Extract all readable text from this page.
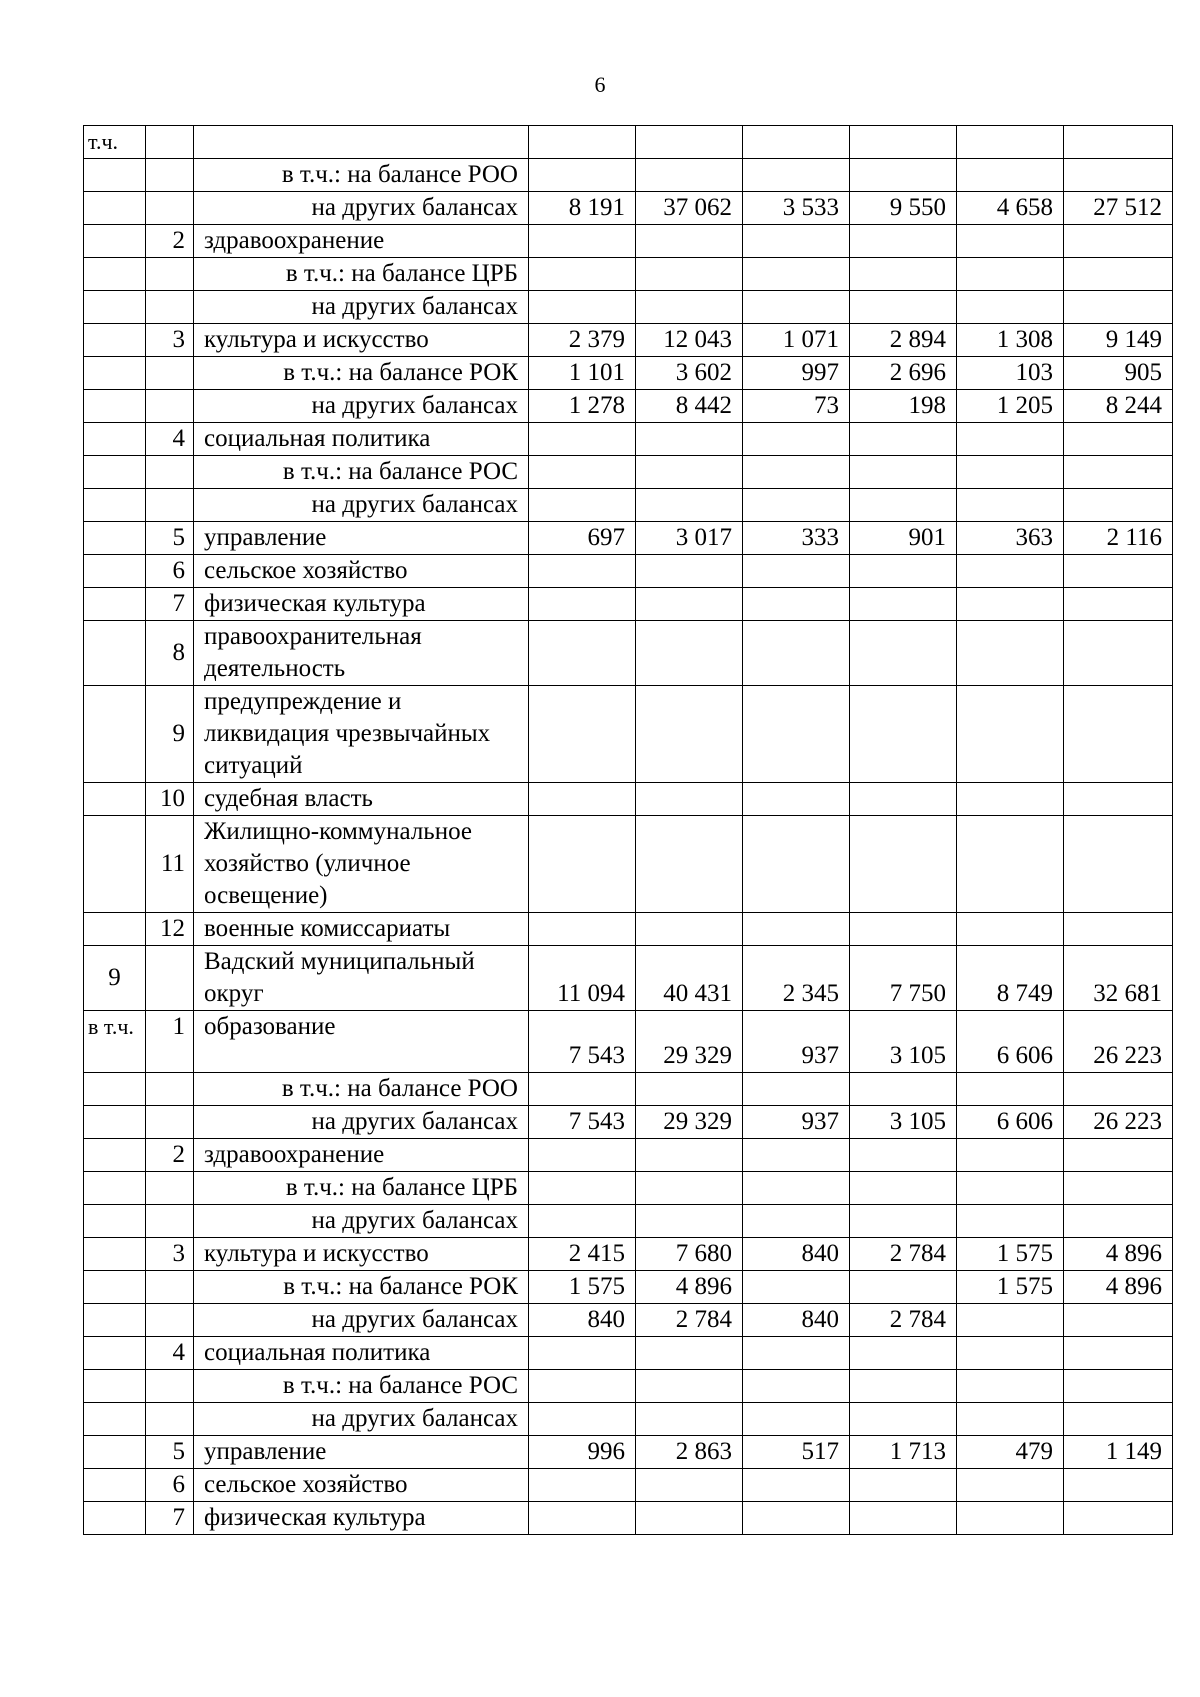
6
т.ч.								
		в т.ч.: на балансе РОО						
		на других балансах	8 191	37 062	3 533	9 550	4 658	27 512
	2	здравоохранение						
		в т.ч.: на балансе ЦРБ						
		на других балансах						
	3	культура и искусство	2 379	12 043	1 071	2 894	1 308	9 149
		в т.ч.: на балансе РОК	1 101	3 602	997	2 696	103	905
		на других балансах	1 278	8 442	73	198	1 205	8 244
	4	социальная политика						
		в т.ч.: на балансе РОС						
		на других балансах						
	5	управление	697	3 017	333	901	363	2 116
	6	сельское хозяйство						
	7	физическая культура						
	8	правоохранительная деятельность						
	9	предупреждение и ликвидация чрезвычайных ситуаций						
	10	судебная власть						
	11	Жилищно-коммунальное хозяйство (уличное освещение)						
	12	военные комиссариаты						
9		Вадский муниципальный округ	11 094	40 431	2 345	7 750	8 749	32 681
в т.ч.	1	образование	7 543	29 329	937	3 105	6 606	26 223
		в т.ч.: на балансе РОО						
		на других балансах	7 543	29 329	937	3 105	6 606	26 223
	2	здравоохранение						
		в т.ч.: на балансе ЦРБ						
		на других балансах						
	3	культура и искусство	2 415	7 680	840	2 784	1 575	4 896
		в т.ч.: на балансе РОК	1 575	4 896			1 575	4 896
		на других балансах	840	2 784	840	2 784		
	4	социальная политика						
		в т.ч.: на балансе РОС						
		на других балансах						
	5	управление	996	2 863	517	1 713	479	1 149
	6	сельское хозяйство						
	7	физическая культура						
